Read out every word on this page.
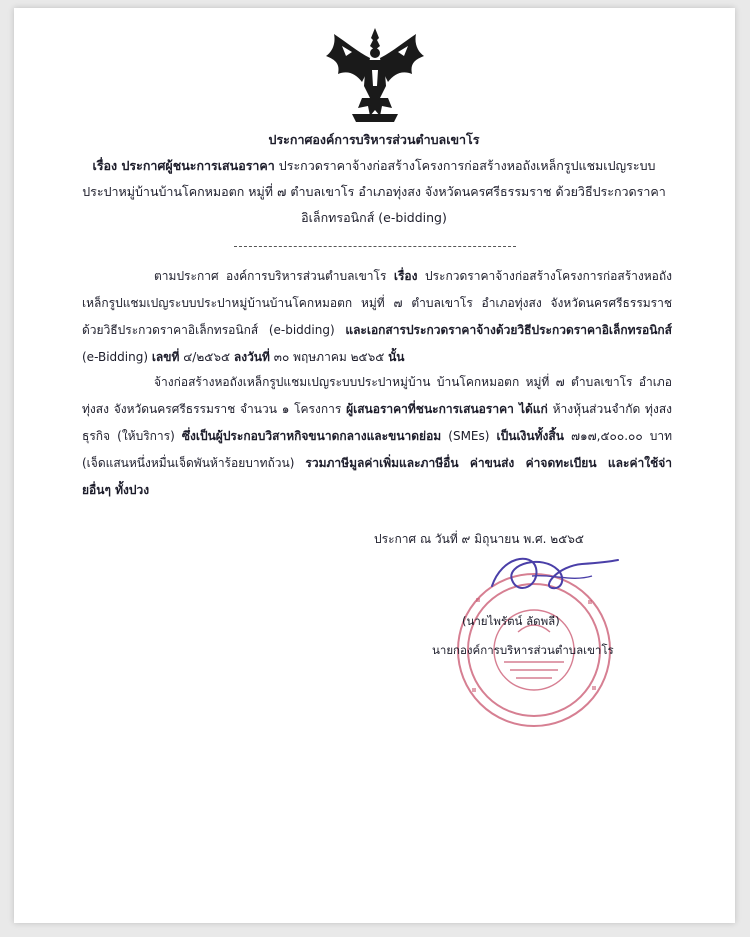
ประกาศองค์การบริหารส่วนตำบลเขาโร
เรื่อง ประกาศผู้ชนะการเสนอราคา ประกวดราคาจ้างก่อสร้างโครงการก่อสร้างหอถังเหล็กรูปแชมเปญระบบ
ประปาหมู่บ้านบ้านโคกหมอตก หมู่ที่ ๗ ตำบลเขาโร อำเภอทุ่งสง จังหวัดนครศรีธรรมราช ด้วยวิธีประกวดราคา
อิเล็กทรอนิกส์ (e-bidding)
ตามประกาศ องค์การบริหารส่วนตำบลเขาโร เรื่อง ประกวดราคาจ้างก่อสร้างโครงการก่อสร้างหอถังเหล็กรูปแชมเปญระบบประปาหมู่บ้านบ้านโคกหมอตก หมู่ที่ ๗ ตำบลเขาโร อำเภอทุ่งสง จังหวัดนครศรีธรรมราช ด้วยวิธีประกวดราคาอิเล็กทรอนิกส์ (e-bidding) และเอกสารประกวดราคาจ้างด้วยวิธีประกวดราคาอิเล็กทรอนิกส์ (e-Bidding) เลขที่ ๔/๒๕๖๕ ลงวันที่ ๓๐ พฤษภาคม ๒๕๖๕ นั้น
จ้างก่อสร้างหอถังเหล็กรูปแชมเปญระบบประปาหมู่บ้าน บ้านโคกหมอตก หมู่ที่ ๗ ตำบลเขาโร อำเภอทุ่งสง จังหวัดนครศรีธรรมราช จำนวน ๑ โครงการ ผู้เสนอราคาที่ชนะการเสนอราคา ได้แก่ ห้างหุ้นส่วนจำกัด ทุ่งสงธุรกิจ (ให้บริการ) ซึ่งเป็นผู้ประกอบวิสาหกิจขนาดกลางและขนาดย่อม (SMEs) เป็นเงินทั้งสิ้น ๗๑๗,๕๐๐.๐๐ บาท (เจ็ดแสนหนึ่งหมื่นเจ็ดพันห้าร้อยบาทถ้วน) รวมภาษีมูลค่าเพิ่มและภาษีอื่น ค่าขนส่ง ค่าจดทะเบียน และค่าใช้จ่ายอื่นๆ ทั้งปวง
ประกาศ ณ วันที่ ๙ มิถุนายน พ.ศ. ๒๕๖๕
(นายไพรัตน์ ลัดพลี)
นายกองค์การบริหารส่วนตำบลเขาโร
